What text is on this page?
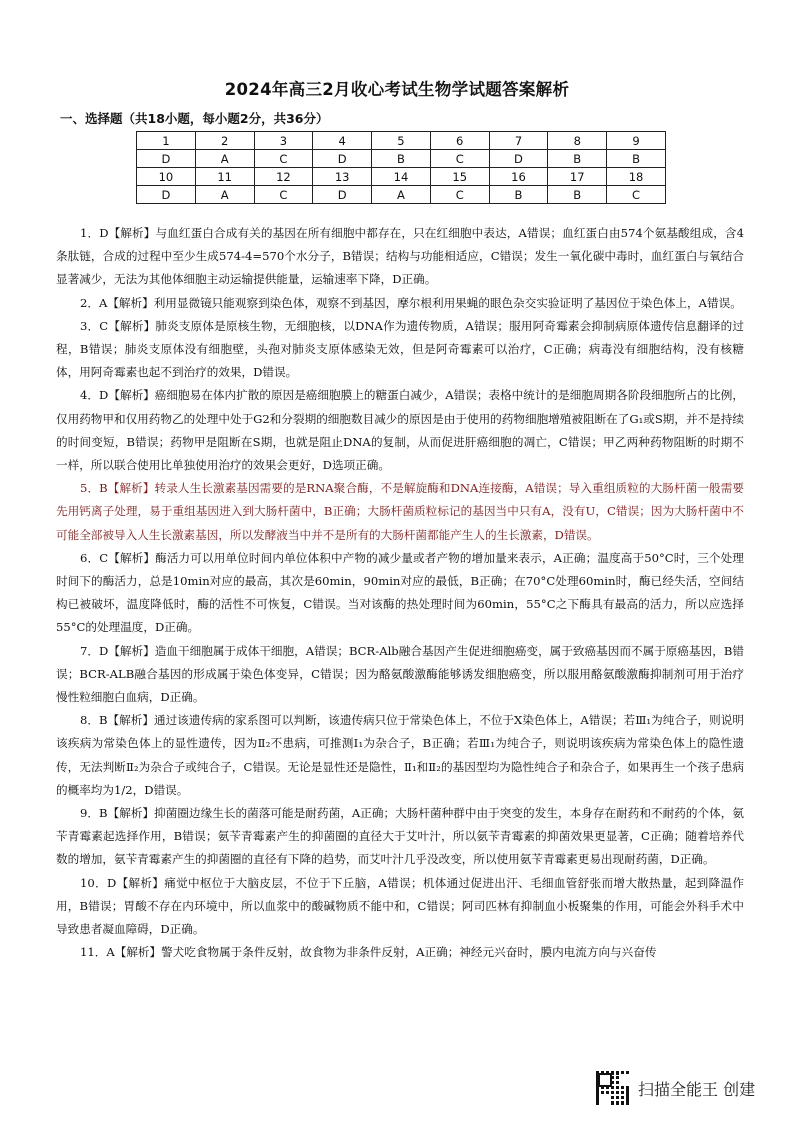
2024年高三2月收心考试生物学试题答案解析
一、选择题（共18小题，每小题2分，共36分）
1	2	3	4	5	6	7	8	9
D	A	C	D	B	C	D	B	B
10	11	12	13	14	15	16	17	18
D	A	C	D	A	C	B	B	C

1．D【解析】与血红蛋白合成有关的基因在所有细胞中都存在，只在红细胞中表达，A错误；血红蛋白由574个氨基酸组成，含4条肽链，合成的过程中至少生成574-4=570个水分子，B错误；结构与功能相适应，C错误；发生一氧化碳中毒时，血红蛋白与氧结合显著减少，无法为其他体细胞主动运输提供能量，运输速率下降，D正确。

2．A【解析】利用显微镜只能观察到染色体，观察不到基因，摩尔根利用果蝇的眼色杂交实验证明了基因位于染色体上，A错误。

3．C【解析】肺炎支原体是原核生物，无细胞核，以DNA作为遗传物质，A错误；服用阿奇霉素会抑制病原体遗传信息翻译的过程，B错误；肺炎支原体没有细胞壁，头孢对肺炎支原体感染无效，但是阿奇霉素可以治疗，C正确；病毒没有细胞结构，没有核糖体，用阿奇霉素也起不到治疗的效果，D错误。

4．D【解析】癌细胞易在体内扩散的原因是癌细胞膜上的糖蛋白减少，A错误；表格中统计的是细胞周期各阶段细胞所占的比例，仅用药物甲和仅用药物乙的处理中处于G2和分裂期的细胞数目减少的原因是由于使用的药物细胞增殖被阻断在了G₁或S期，并不是持续的时间变短，B错误；药物甲是阻断在S期，也就是阻止DNA的复制，从而促进肝癌细胞的凋亡，C错误；甲乙两种药物阻断的时期不一样，所以联合使用比单独使用治疗的效果会更好，D选项正确。

5．B【解析】转录人生长激素基因需要的是RNA聚合酶，不是解旋酶和DNA连接酶，A错误；导入重组质粒的大肠杆菌一般需要先用钙离子处理，易于重组基因进入到大肠杆菌中，B正确；大肠杆菌质粒标记的基因当中只有A，没有U，C错误；因为大肠杆菌中不可能全部被导入人生长激素基因，所以发酵液当中并不是所有的大肠杆菌都能产生人的生长激素，D错误。

6．C【解析】酶活力可以用单位时间内单位体积中产物的减少量或者产物的增加量来表示，A正确；温度高于50°C时，三个处理时间下的酶活力，总是10min对应的最高，其次是60min，90min对应的最低，B正确；在70°C处理60min时，酶已经失活，空间结构已被破坏，温度降低时，酶的活性不可恢复，C错误。当对该酶的热处理时间为60min，55°C之下酶具有最高的活力，所以应选择55°C的处理温度，D正确。

7．D【解析】造血干细胞属于成体干细胞，A错误；BCR-Alb融合基因产生促进细胞癌变，属于致癌基因而不属于原癌基因，B错误；BCR-ALB融合基因的形成属于染色体变异，C错误；因为酪氨酸激酶能够诱发细胞癌变，所以服用酪氨酸激酶抑制剂可用于治疗慢性粒细胞白血病，D正确。

8．B【解析】通过该遗传病的家系图可以判断，该遗传病只位于常染色体上，不位于X染色体上，A错误；若Ⅲ₁为纯合子，则说明该疾病为常染色体上的显性遗传，因为Ⅱ₂不患病，可推测Ⅰ₁为杂合子，B正确；若Ⅲ₁为纯合子，则说明该疾病为常染色体上的隐性遗传，无法判断Ⅱ₂为杂合子或纯合子，C错误。无论是显性还是隐性，Ⅱ₁和Ⅱ₂的基因型均为隐性纯合子和杂合子，如果再生一个孩子患病的概率均为1/2，D错误。

9．B【解析】抑菌圈边缘生长的菌落可能是耐药菌，A正确；大肠杆菌种群中由于突变的发生，本身存在耐药和不耐药的个体，氨苄青霉素起选择作用，B错误；氨苄青霉素产生的抑菌圈的直径大于艾叶汁，所以氨苄青霉素的抑菌效果更显著，C正确；随着培养代数的增加，氨苄青霉素产生的抑菌圈的直径有下降的趋势，而艾叶汁几乎没改变，所以使用氨苄青霉素更易出现耐药菌，D正确。

10．D【解析】痛觉中枢位于大脑皮层，不位于下丘脑，A错误；机体通过促进出汗、毛细血管舒张而增大散热量，起到降温作用，B错误；胃酸不存在内环境中，所以血浆中的酸碱物质不能中和，C错误；阿司匹林有抑制血小板聚集的作用，可能会外科手术中导致患者凝血障碍，D正确。

11．A【解析】警犬吃食物属于条件反射，故食物为非条件反射，A正确；神经元兴奋时，膜内电流方向与兴奋传

扫描全能王 创建
